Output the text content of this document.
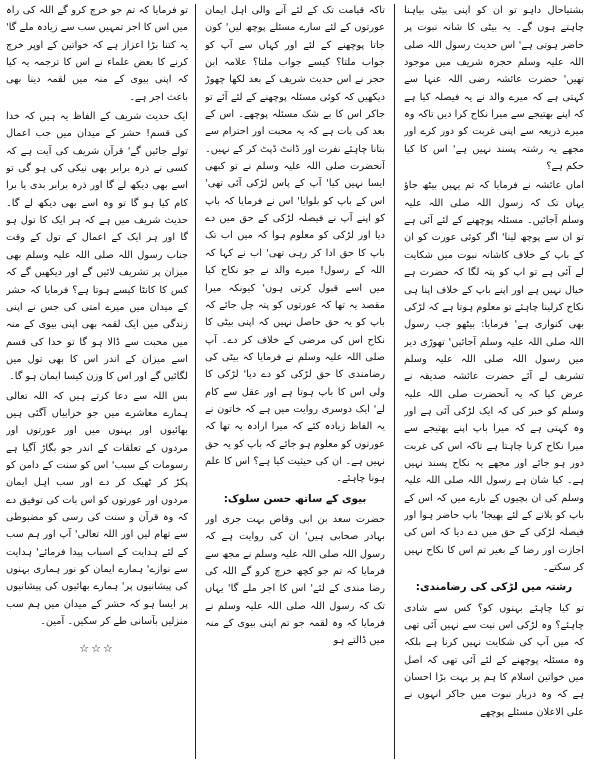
بشتیاحال داہو تو ان کو اپنی بیٹی بیاہنا چاہتے ہوں گے۔ یہ بیٹی کا شانہ نبوت پر حاضر ہوتی ہے' اس حدیث رسول اللہ صلی اللہ علیہ وسلم حجرہ شریف میں موجود تھیں' حضرت عائشہ رضی اللہ عنہا سے کہتی ہے کہ میرے والد نے یہ فیصلہ کیا ہے کہ اپنے بھتیجے سے میرا نکاح کرا دیں تاکہ وہ میرے ذریعہ سے اپنی غربت کو دور کرے اور مجھے یہ رشتہ پسند نہیں ہے' اس کا کیا حکم ہے؟

اماں عائشہ نے فرمایا کہ تم یہیں بیٹھ جاؤ یہاں تک کہ رسول اللہ صلی اللہ علیہ وسلم آجائیں۔ مسئلہ پوچھنے کے لئے آئی ہے تو ان سے پوچھ لینا' اگر کوئی عورت کو ان کے باپ کے خلاف کاشانہ نبوت میں شکایت لے آئی ہے تو اپ کو پتہ لگا کہ حضرت ہے خیال نہیں ہے اور اپنے باپ کے خلاف اپنا ہی نکاح کرلینا چاہئے تو معلوم ہوتا ہے کہ لڑکی بھی کنواری ہے' فرمایا: بیٹھو جب رسول اللہ صلی اللہ علیہ وسلم آجائیں' تھوڑی دیر میں رسول اللہ صلی اللہ علیہ وسلم تشریف لے آئے حضرت عائشہ صدیقہ نے عرض کیا کہ یہ آنحضرت صلی اللہ علیہ وسلم کو خبر کی کہ ایک لڑکی آئی ہے اور وہ کہتی ہے کہ میرا باپ اپنے بھتیجے سے میرا نکاح کرنا چاہتا ہے تاکہ اس کی غربت دور ہو جائے اور مجھے یہ نکاح پسند نہیں ہے۔ کیا شان ہے رسول اللہ صلی اللہ علیہ وسلم کی ان بچیوں کے بارے میں کہ اس کے باپ کو بلانے کے لئے بھیجا' باپ حاضر ہوا اور فیصلہ لڑکی کے حق میں دے دیا کہ اس کی اجازت اور رضا کے بغیر تم اس کا نکاح نہیں کر سکتے۔

رشتہ میں لڑکی کی رضامندی:

تو کیا چاہئے بہنوں کو؟ کس سے شادی چاہئے؟ وہ لڑکی اس نیت سے نہیں آئی تھی کہ میں آپ کی شکایت نہیں کرنا ہے بلکہ وہ مسئلہ پوچھنے کے لئے آئی تھی کہ اصل میں خواتین اسلام کا ہم پر بہت بڑا احسان ہے کہ وہ دربار نبوت میں جاکر انہوں نے علی الاعلان مسئلے پوچھے

تاکہ قیامت تک کے لئے آنے والی اہل ایمان عورتوں کے لئے سارے مسئلے پوچھ لیں' کون جاتا پوچھنے کے لئے اور کہاں سے آپ کو جواب ملتا؟ کیسے جواب ملتا؟ علامہ ابن حجر نے اس حدیث شریف کے بعد لکھا چھوڑ دیکھیں کہ کوئی مسئلہ پوچھنے کے لئے آئے تو جاکر اس کا بے شک مسئلہ پوچھے۔ اس کے بعد کی بات ہے کہ یہ محبت اور احترام سے بتانا چاہئے نفرت اور ڈانٹ ڈپٹ کر کے نہیں۔ آنحضرت صلی اللہ علیہ وسلم نے تو کبھی ایسا نہیں کیا' آپ کے پاس لڑکی آئی تھی' اس کے باپ کو بلوایا' اس نے فرمایا کہ باپ کو اپنے آپ نے فیصلہ لڑکی کے حق میں دے دیا اور لڑکی کو معلوم ہوا کہ میں اب تک باپ کا حق ادا کر رہی تھی' اب نے کہا کہ اللہ کے رسول! میرے والد نے جو نکاح کیا میں اسے قبول کرتی ہوں' کیونکہ میرا مقصد یہ تھا کہ عورتوں کو پتہ چل جائے کہ باپ کو یہ حق حاصل نہیں کہ اپنی بیٹی کا نکاح اس کی مرضی کے خلاف کر دے۔ آپ صلی اللہ علیہ وسلم نے فرمایا کہ بیٹی کی رضامندی کا حق لڑکی کو دے دیا' لڑکی کا ولی اس کا باپ ہوتا ہے اور عقل سے کام لے' ایک دوسری روایت میں ہے کہ خاتون نے یہ الفاظ زیادہ کئے کہ میرا ارادہ یہ تھا کہ عورتوں کو معلوم ہو جائے کہ باپ کو یہ حق نہیں ہے۔ ان کی حیثیت کیا ہے؟ اس کا علم ہونا چاہئے۔

بیوی کے ساتھ حسن سلوک:

حضرت سعد بن ابی وقاص بہت جری اور بہادر صحابی ہیں' ان کی روایت ہے کہ رسول اللہ صلی اللہ علیہ وسلم نے مجھ سے فرمایا کہ تم جو کچھ خرچ کرو گے اللہ کی رضا مندی کے لئے' اس کا اجر ملے گا' یہاں تک کہ رسول اللہ صلی اللہ علیہ وسلم نے فرمایا کہ وہ لقمہ جو تم اپنی بیوی کے منہ میں ڈالتے ہو

تو فرمایا کہ تم جو خرچ کرو گے اللہ کی راہ میں اس کا اجر تمہیں سب سے زیادہ ملے گا' یہ کتنا بڑا اعزاز ہے کہ خواتین کے اوپر خرچ کرنے کا بعض علماء نے اس کا ترجمہ یہ کیا کہ اپنی بیوی کے منہ میں لقمہ دینا بھی باعث اجر ہے۔

ایک حدیث شریف کے الفاظ یہ ہیں کہ خدا کی قسم! حشر کے میدان میں جب اعمال تولے جائیں گے' قرآن شریف کی آیت ہے کہ کسی نے ذرہ برابر بھی نیکی کی ہو گی تو اسے بھی دیکھ لے گا اور ذرہ برابر بدی یا برا کام کیا ہو گا تو وہ اسے بھی دیکھ لے گا۔ حدیث شریف میں ہے کہ ہر ایک کا تول ہو گا اور ہر ایک کے اعمال کے تول کے وقت جناب رسول اللہ صلی اللہ علیہ وسلم بھی میزان پر تشریف لائیں گے اور دیکھیں گے کہ کس کا کانٹا کیسے ہوتا ہے؟ فرمایا کہ حشر کے میدان میں میرے امتی کی جس نے اپنی زندگی میں ایک لقمہ بھی اپنی بیوی کے منہ میں محبت سے ڈالا ہو گا تو خدا کی قسم اسے میزان کے اندر اس کا بھی تول میں لگائیں گے اور اس کا وزن کیسا ایمان ہو گا۔

بس اللہ سے دعا کرتے ہیں کہ اللہ تعالی ہمارے معاشرے میں جو خرابیاں آگئی ہیں بھائیوں اور بہنوں میں اور عورتوں اور مردوں کے تعلقات کے اندر جو بگاڑ آگیا ہے رسومات کے سبب' اس کو سنت کے دامن کو پکڑ کر ٹھیک کر دے اور سب اہل ایمان مردوں اور عورتوں کو اس بات کی توفیق دے کہ وہ قرآن و سنت کی رسی کو مضبوطی سے تھام لیں اور اللہ تعالی' آپ اور ہم سب کے لئے ہدایت کے اسباب پیدا فرمائے' ہدایت سے نوازے' ہمارے ایمان کو نور ہماری بہنوں کی پیشانیوں پر' ہمارے بھائیوں کی پیشانیوں پر ایسا ہو کہ حشر کے میدان میں ہم سب منزلیں بآسانی طے کر سکیں۔ آمین۔

☆☆☆
